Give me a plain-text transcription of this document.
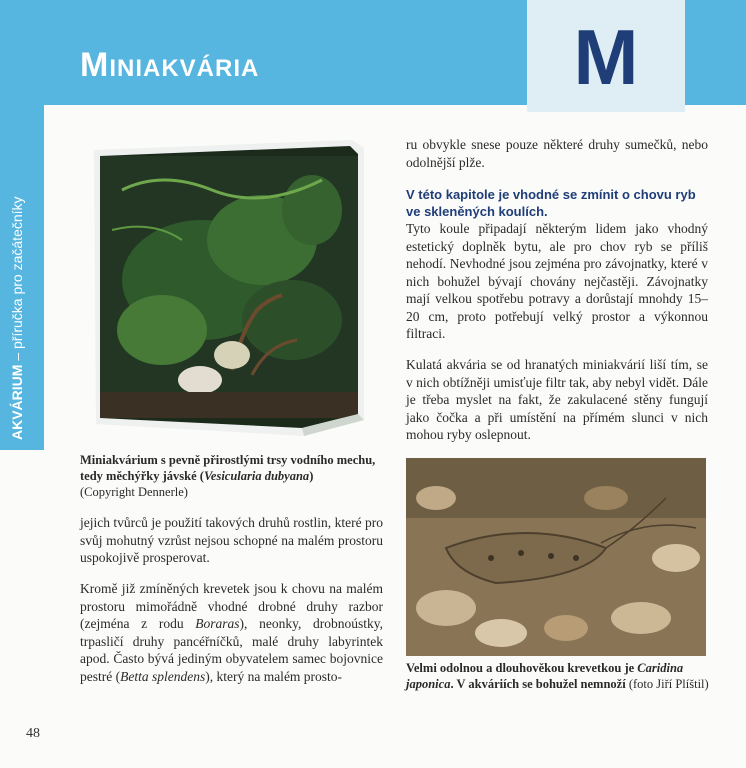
MINIAKVÁRIA	M
AKVÁRIUM – příručka pro začátečníky
Miniakvárium s pevně přirostlými trsy vodního mechu, tedy měchýřky jávské (Vesicularia dubyana)
(Copyright Dennerle)
jejich tvůrců je použití takových druhů rostlin, které pro svůj mohutný vzrůst nejsou schopné na malém prostoru uspokojivě prosperovat.
Kromě již zmíněných krevetek jsou k chovu na malém prostoru mimořádně vhodné drobné druhy razbor (zejména z rodu Boraras), neonky, drobnoústky, trpasličí druhy pancéřníčků, malé druhy labyrintek apod. Často bývá jediným obyvatelem samec bojovnice pestré (Betta splendens), který na malém prosto-
ru obvykle snese pouze některé druhy sumečků, nebo odolnější plže.
V této kapitole je vhodné se zmínit o chovu ryb ve skleněných koulích.
Tyto koule připadají některým lidem jako vhodný estetický doplněk bytu, ale pro chov ryb se příliš nehodí. Nevhodné jsou zejména pro závojnatky, které v nich bohužel bývají chovány nejčastěji. Závojnatky mají velkou spotřebu potravy a dorůstají mnohdy 15–20 cm, proto potřebují velký prostor a výkonnou filtraci.
Kulatá akvária se od hranatých miniakvárií liší tím, se v nich obtížněji umisťuje filtr tak, aby nebyl vidět. Dále je třeba myslet na fakt, že zakulacené stěny fungují jako čočka a při umístění na přímém slunci v nich mohou ryby oslepnout.
Velmi odolnou a dlouhověkou krevetkou je Caridina japonica. V akváriích se bohužel nemnoží (foto Jiří Plíštil)
48
